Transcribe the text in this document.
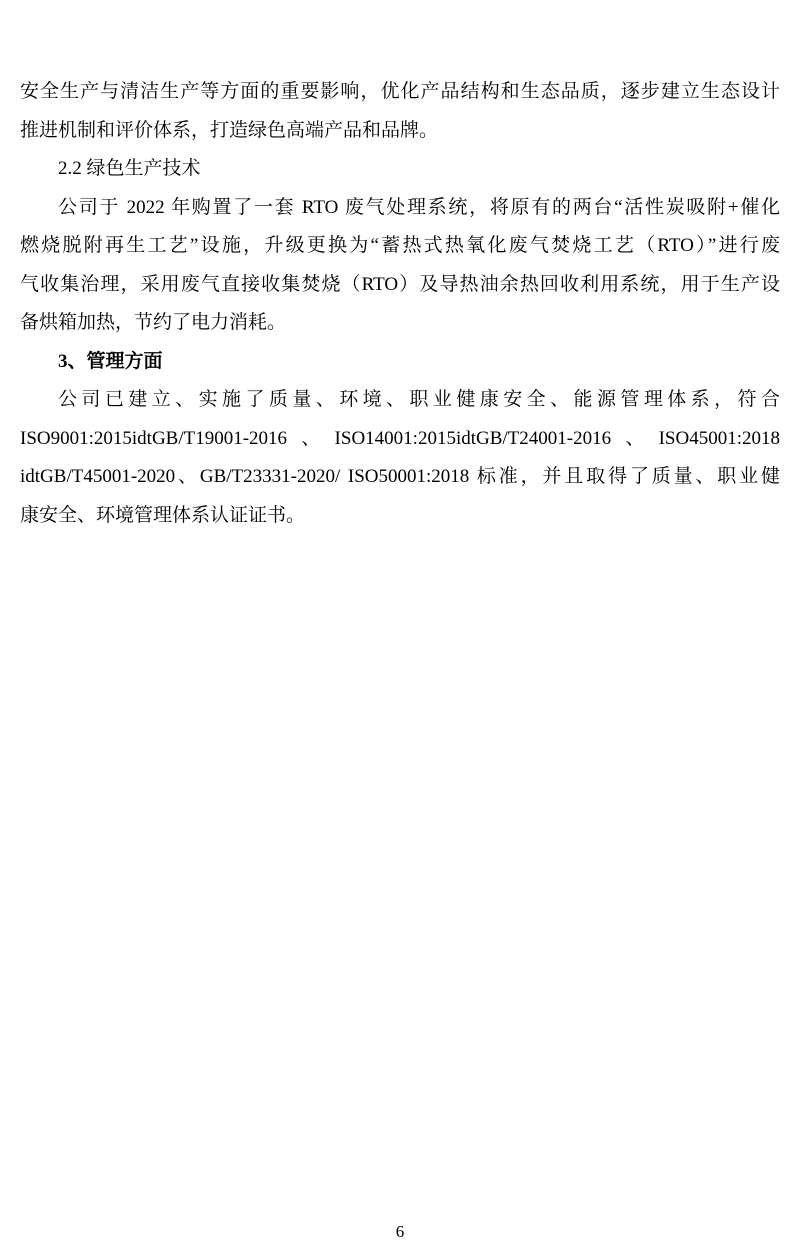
安全生产与清洁生产等方面的重要影响，优化产品结构和生态品质，逐步建立生态设计
推进机制和评价体系，打造绿色高端产品和品牌。
2.2 绿色生产技术
公司于 2022 年购置了一套 RTO 废气处理系统，将原有的两台“活性炭吸附+催化
燃烧脱附再生工艺”设施，升级更换为“蓄热式热氧化废气焚烧工艺（RTO）”进行废
气收集治理，采用废气直接收集焚烧（RTO）及导热油余热回收利用系统，用于生产设
备烘箱加热，节约了电力消耗。
3、管理方面
公司已建立、实施了质量、环境、职业健康安全、能源管理体系，符合
ISO9001:2015idtGB/T19001-2016、ISO14001:2015idtGB/T24001-2016、ISO45001:2018
idtGB/T45001-2020、GB/T23331-2020/ ISO50001:2018 标准，并且取得了质量、职业健
康安全、环境管理体系认证证书。
6
